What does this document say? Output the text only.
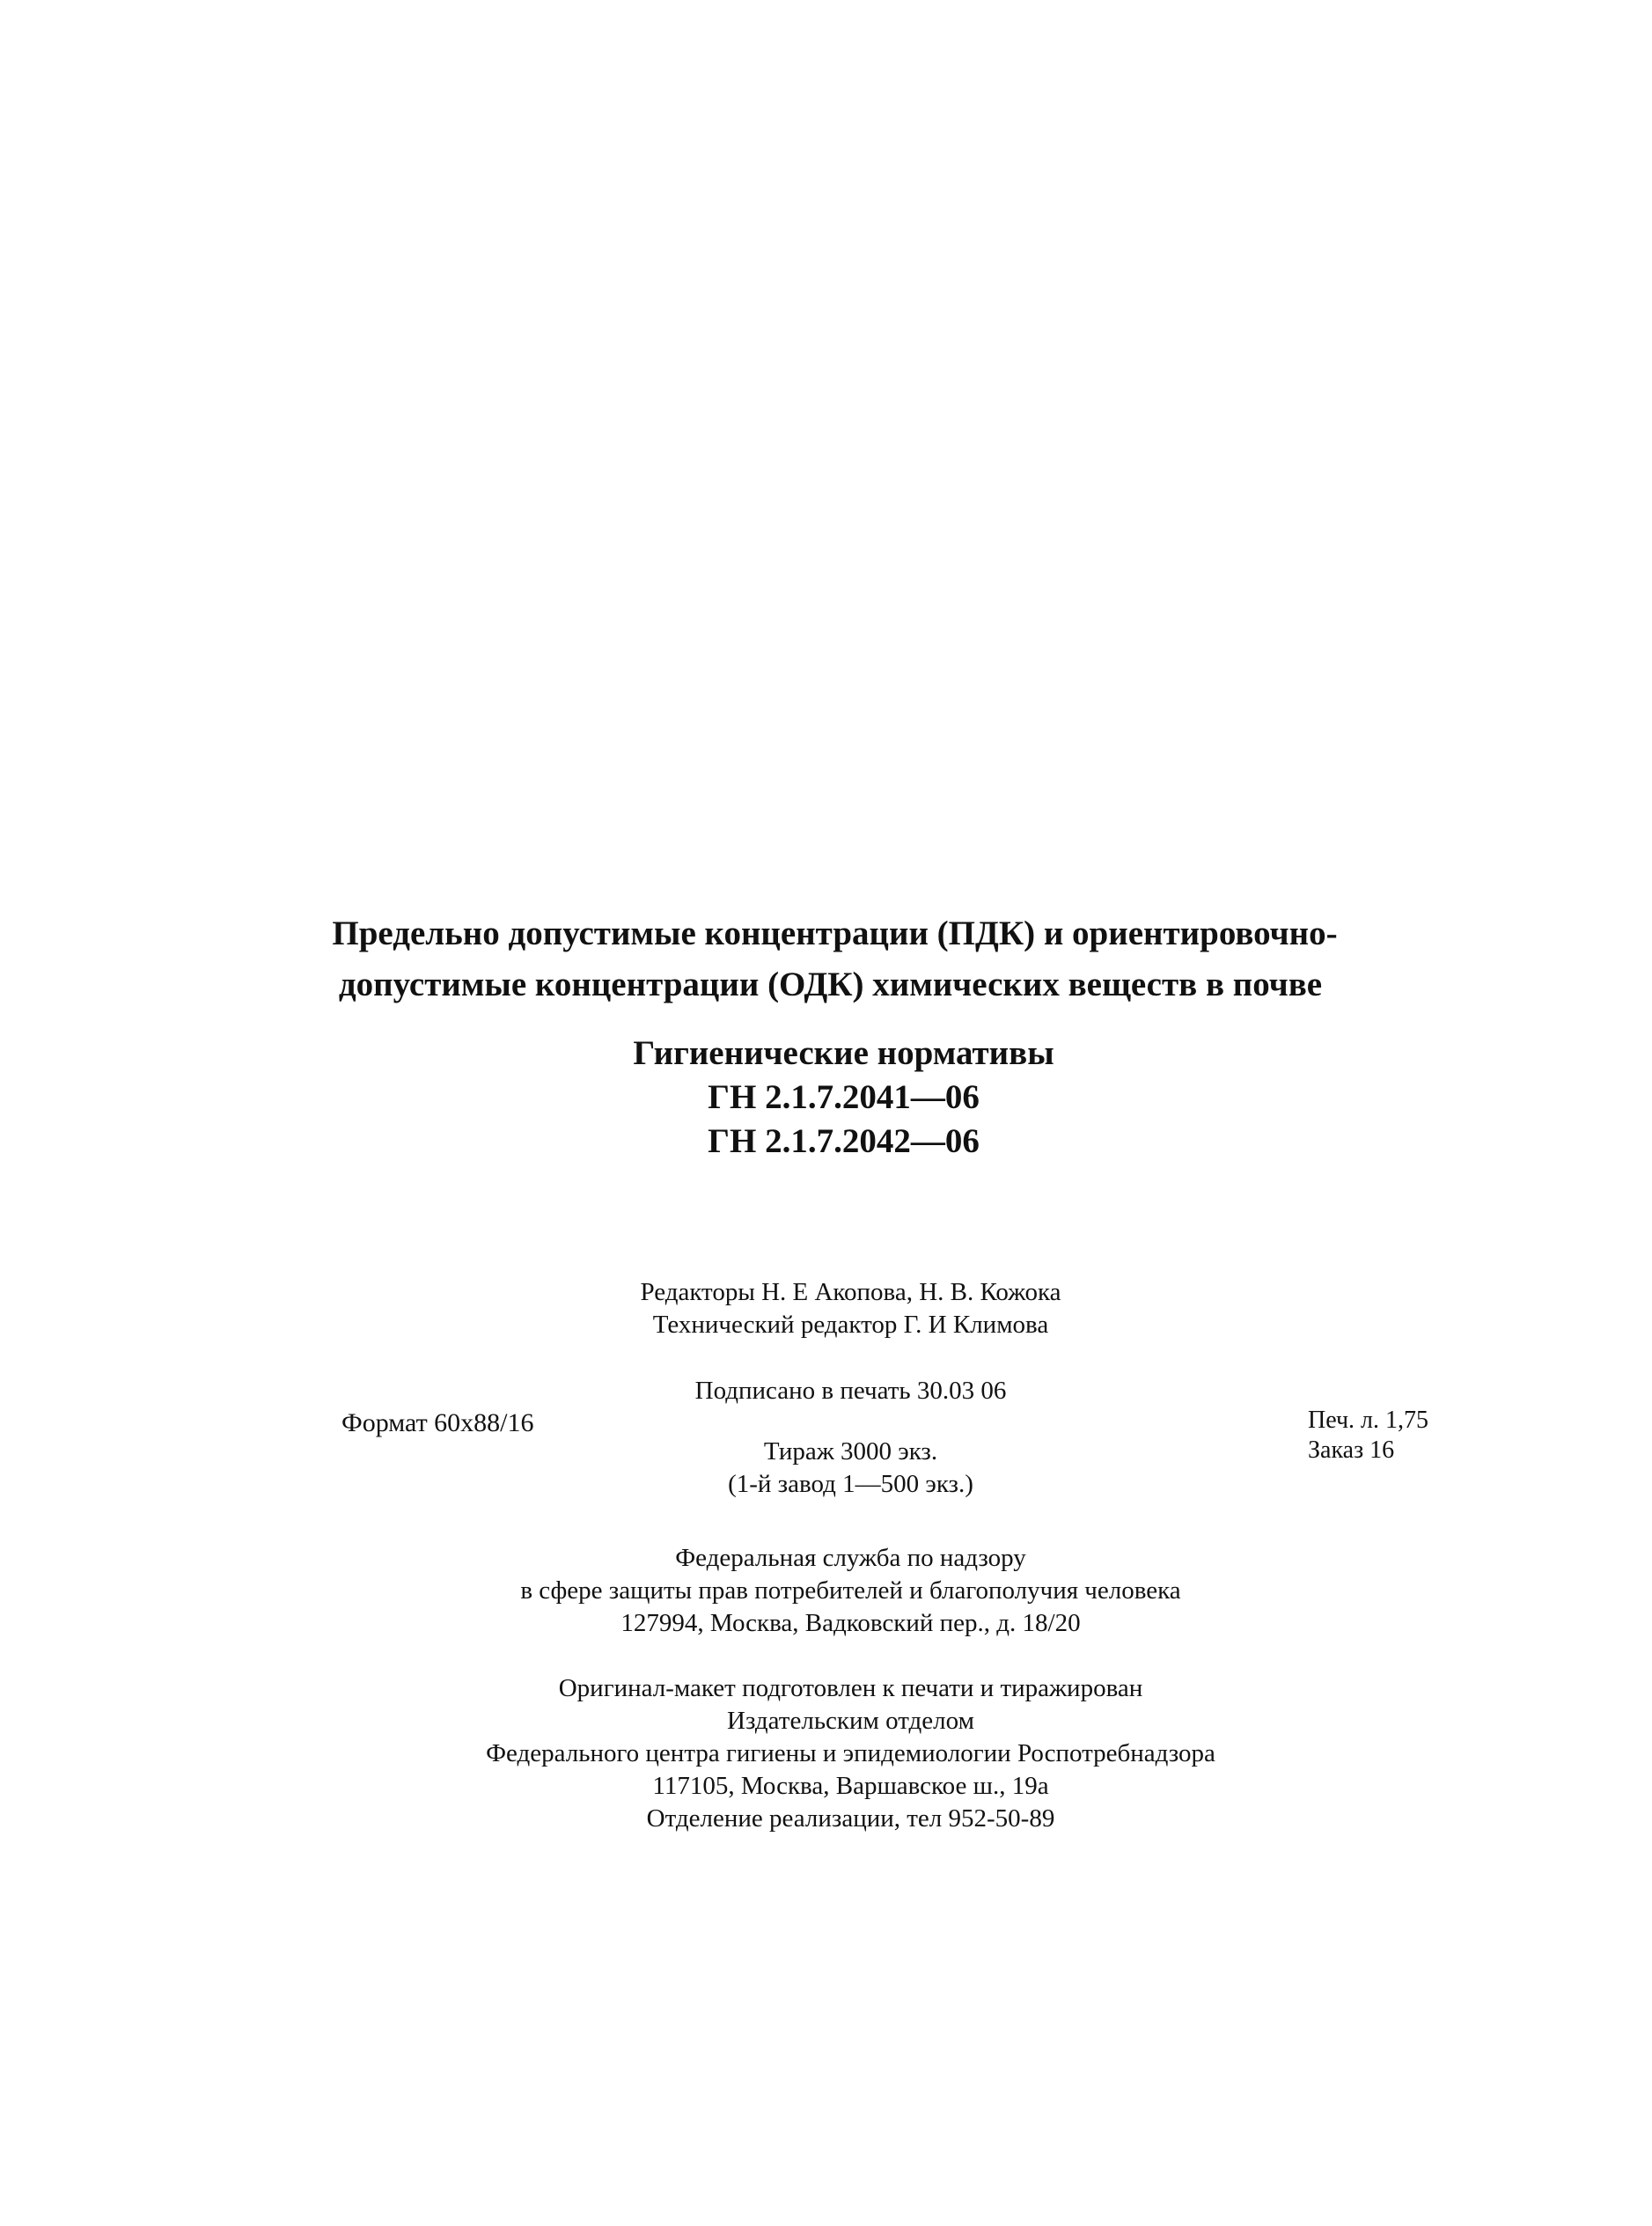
Предельно допустимые концентрации (ПДК) и ориентировочно-
допустимые концентрации (ОДК) химических веществ в почве
Гигиенические нормативы
ГН 2.1.7.2041—06
ГН 2.1.7.2042—06
Редакторы Н. Е Акопова, Н. В. Кожока
Технический редактор Г. И Климова
Подписано в печать 30.03 06
Формат 60х88/16	Печ. л. 1,75
Заказ 16
Тираж 3000 экз.
(1-й завод 1—500 экз.)
Федеральная служба по надзору
в сфере защиты прав потребителей и благополучия человека
127994, Москва, Вадковский пер., д. 18/20
Оригинал-макет подготовлен к печати и тиражирован
Издательским отделом
Федерального центра гигиены и эпидемиологии Роспотребнадзора
117105, Москва, Варшавское ш., 19а
Отделение реализации, тел 952-50-89
